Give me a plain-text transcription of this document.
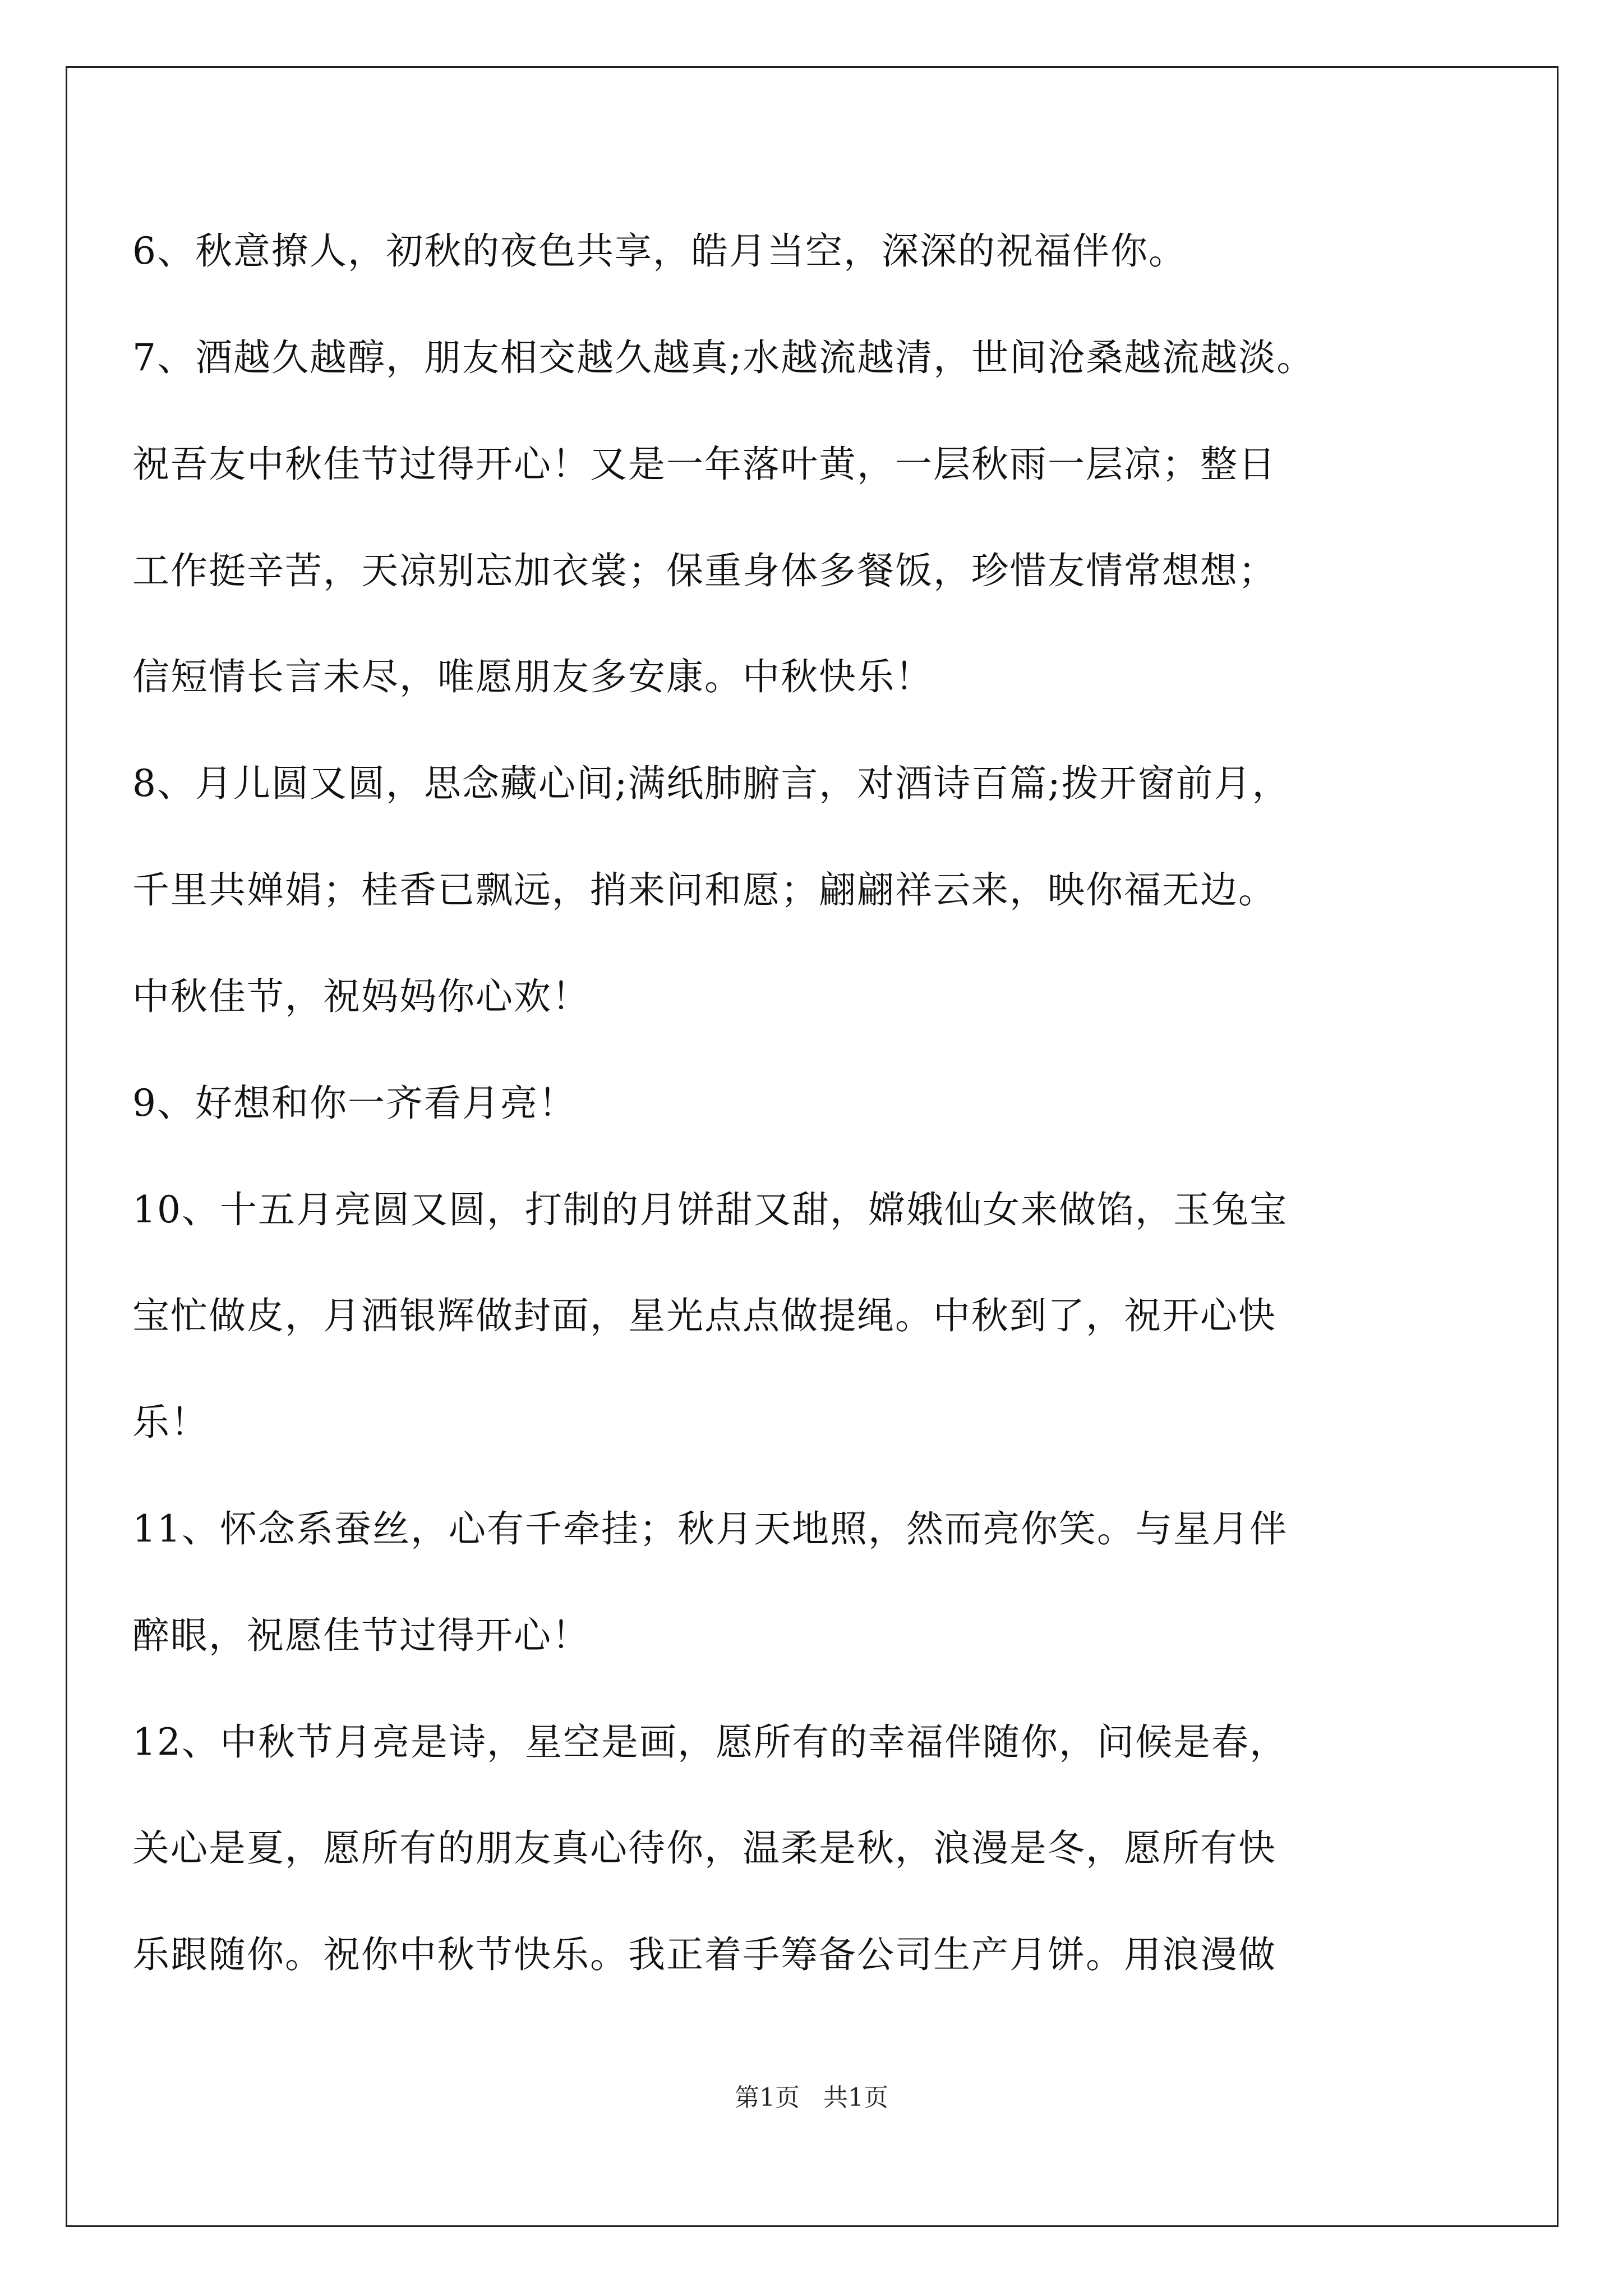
6、秋意撩人，初秋的夜色共享，皓月当空，深深的祝福伴你。
7、酒越久越醇，朋友相交越久越真;水越流越清，世间沧桑越流越淡。
祝吾友中秋佳节过得开心！又是一年落叶黄，一层秋雨一层凉；整日
工作挺辛苦，天凉别忘加衣裳；保重身体多餐饭，珍惜友情常想想；
信短情长言未尽，唯愿朋友多安康。中秋快乐！
8、月儿圆又圆，思念藏心间;满纸肺腑言，对酒诗百篇;拨开窗前月，
千里共婵娟；桂香已飘远，捎来问和愿；翩翩祥云来，映你福无边。
中秋佳节，祝妈妈你心欢！
9、好想和你一齐看月亮！
10、十五月亮圆又圆，打制的月饼甜又甜，嫦娥仙女来做馅，玉兔宝
宝忙做皮，月洒银辉做封面，星光点点做提绳。中秋到了，祝开心快
乐！
11、怀念系蚕丝，心有千牵挂；秋月天地照，然而亮你笑。与星月伴
醉眼，祝愿佳节过得开心！
12、中秋节月亮是诗，星空是画，愿所有的幸福伴随你，问候是春，
关心是夏，愿所有的朋友真心待你，温柔是秋，浪漫是冬，愿所有快
乐跟随你。祝你中秋节快乐。我正着手筹备公司生产月饼。用浪漫做
第1页   共1页
